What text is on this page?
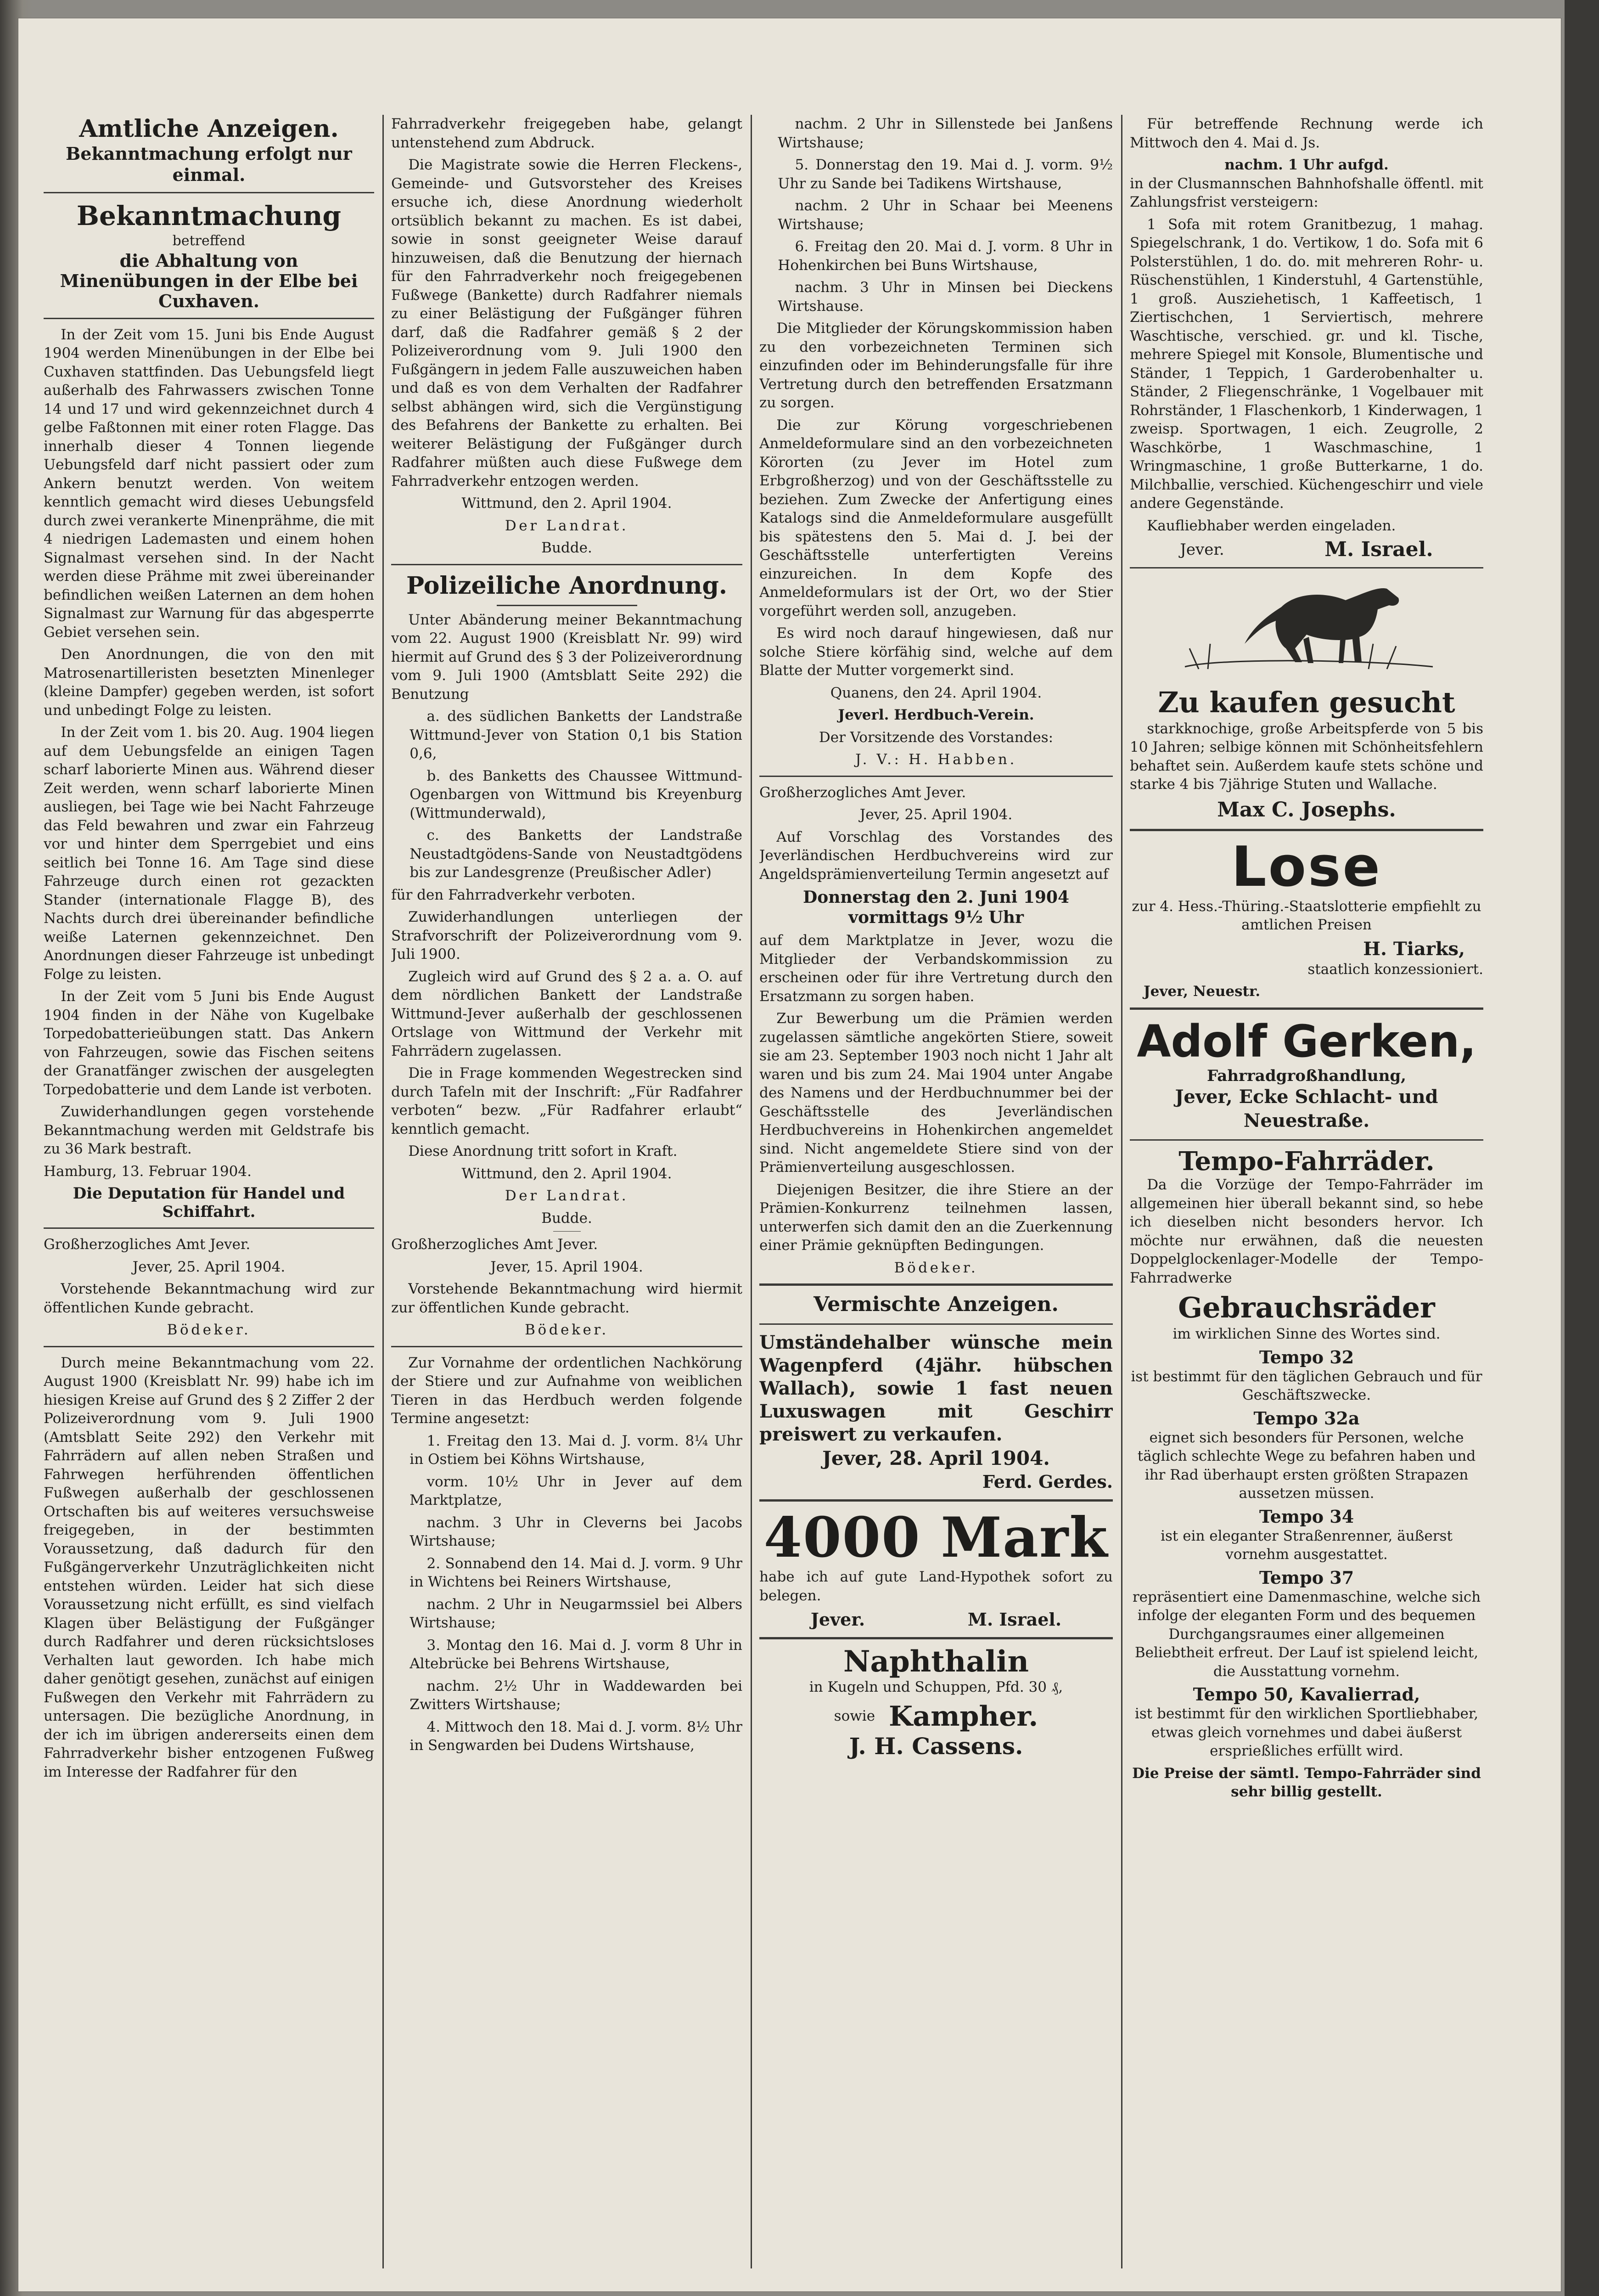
Amtliche Anzeigen.
Bekanntmachung erfolgt nur einmal.
Bekanntmachung
betreffend
die Abhaltung von Minenübungen in der Elbe bei Cuxhaven.

In der Zeit vom 15. Juni bis Ende August 1904 werden Minenübungen in der Elbe bei Cuxhaven stattfinden. Das Uebungsfeld liegt außerhalb des Fahrwassers zwischen Tonne 14 und 17 und wird gekennzeichnet durch 4 gelbe Faßtonnen mit einer roten Flagge. Das innerhalb dieser 4 Tonnen liegende Uebungsfeld darf nicht passiert oder zum Ankern benutzt werden. Von weitem kenntlich gemacht wird dieses Uebungsfeld durch zwei verankerte Minenprähme, die mit 4 niedrigen Lademasten und einem hohen Signalmast versehen sind. In der Nacht werden diese Prähme mit zwei übereinander befindlichen weißen Laternen an dem hohen Signalmast zur Warnung für das abgesperrte Gebiet versehen sein.

Den Anordnungen, die von den mit Matrosenartilleristen besetzten Minenleger (kleine Dampfer) gegeben werden, ist sofort und unbedingt Folge zu leisten.

In der Zeit vom 1. bis 20. Aug. 1904 liegen auf dem Uebungsfelde an einigen Tagen scharf laborierte Minen aus. Während dieser Zeit werden, wenn scharf laborierte Minen ausliegen, bei Tage wie bei Nacht Fahrzeuge das Feld bewahren und zwar ein Fahrzeug vor und hinter dem Sperrgebiet und eins seitlich bei Tonne 16. Am Tage sind diese Fahrzeuge durch einen rot gezackten Stander (internationale Flagge B), des Nachts durch drei übereinander befindliche weiße Laternen gekennzeichnet. Den Anordnungen dieser Fahrzeuge ist unbedingt Folge zu leisten.

In der Zeit vom 5 Juni bis Ende August 1904 finden in der Nähe von Kugelbake Torpedobatterieübungen statt. Das Ankern von Fahrzeugen, sowie das Fischen seitens der Granatfänger zwischen der ausgelegten Torpedobatterie und dem Lande ist verboten.

Zuwiderhandlungen gegen vorstehende Bekanntmachung werden mit Geldstrafe bis zu 36 Mark bestraft.

Hamburg, 13. Februar 1904.

Die Deputation für Handel und Schiffahrt.

Großherzogliches Amt Jever.

Jever, 25. April 1904.

Vorstehende Bekanntmachung wird zur öffentlichen Kunde gebracht.

Bödeker.

Durch meine Bekanntmachung vom 22. August 1900 (Kreisblatt Nr. 99) habe ich im hiesigen Kreise auf Grund des § 2 Ziffer 2 der Polizeiverordnung vom 9. Juli 1900 (Amtsblatt Seite 292) den Verkehr mit Fahrrädern auf allen neben Straßen und Fahrwegen herführenden öffentlichen Fußwegen außerhalb der geschlossenen Ortschaften bis auf weiteres versuchsweise freigegeben, in der bestimmten Voraussetzung, daß dadurch für den Fußgängerverkehr Unzuträglichkeiten nicht entstehen würden. Leider hat sich diese Voraussetzung nicht erfüllt, es sind vielfach Klagen über Belästigung der Fußgänger durch Radfahrer und deren rücksichtsloses Verhalten laut geworden. Ich habe mich daher genötigt gesehen, zunächst auf einigen Fußwegen den Verkehr mit Fahrrädern zu untersagen. Die bezügliche Anordnung, in der ich im übrigen andererseits einen dem Fahrradverkehr bisher entzogenen Fußweg im Interesse der Radfahrer für den

Fahrradverkehr freigegeben habe, gelangt untenstehend zum Abdruck.

Die Magistrate sowie die Herren Fleckens-, Gemeinde- und Gutsvorsteher des Kreises ersuche ich, diese Anordnung wiederholt ortsüblich bekannt zu machen. Es ist dabei, sowie in sonst geeigneter Weise darauf hinzuweisen, daß die Benutzung der hiernach für den Fahrradverkehr noch freigegebenen Fußwege (Bankette) durch Radfahrer niemals zu einer Belästigung der Fußgänger führen darf, daß die Radfahrer gemäß § 2 der Polizeiverordnung vom 9. Juli 1900 den Fußgängern in jedem Falle auszuweichen haben und daß es von dem Verhalten der Radfahrer selbst abhängen wird, sich die Vergünstigung des Befahrens der Bankette zu erhalten. Bei weiterer Belästigung der Fußgänger durch Radfahrer müßten auch diese Fußwege dem Fahrradverkehr entzogen werden.

Wittmund, den 2. April 1904.

Der Landrat.

Budde.

Polizeiliche Anordnung.

Unter Abänderung meiner Bekanntmachung vom 22. August 1900 (Kreisblatt Nr. 99) wird hiermit auf Grund des § 3 der Polizeiverordnung vom 9. Juli 1900 (Amtsblatt Seite 292) die Benutzung

a. des südlichen Banketts der Landstraße Wittmund-Jever von Station 0,1 bis Station 0,6,

b. des Banketts des Chaussee Wittmund-Ogenbargen von Wittmund bis Kreyenburg (Wittmunderwald),

c. des Banketts der Landstraße Neustadtgödens-Sande von Neustadtgödens bis zur Landesgrenze (Preußischer Adler)

für den Fahrradverkehr verboten.

Zuwiderhandlungen unterliegen der Strafvorschrift der Polizeiverordnung vom 9. Juli 1900.

Zugleich wird auf Grund des § 2 a. a. O. auf dem nördlichen Bankett der Landstraße Wittmund-Jever außerhalb der geschlossenen Ortslage von Wittmund der Verkehr mit Fahrrädern zugelassen.

Die in Frage kommenden Wegestrecken sind durch Tafeln mit der Inschrift: „Für Radfahrer verboten“ bezw. „Für Radfahrer erlaubt“ kenntlich gemacht.

Diese Anordnung tritt sofort in Kraft.

Wittmund, den 2. April 1904.

Der Landrat.

Budde.

Großherzogliches Amt Jever.

Jever, 15. April 1904.

Vorstehende Bekanntmachung wird hiermit zur öffentlichen Kunde gebracht.

Bödeker.

Zur Vornahme der ordentlichen Nachkörung der Stiere und zur Aufnahme von weiblichen Tieren in das Herdbuch werden folgende Termine angesetzt:

1. Freitag den 13. Mai d. J. vorm. 8¼ Uhr in Ostiem bei Köhns Wirtshause,

vorm. 10½ Uhr in Jever auf dem Marktplatze,

nachm. 3 Uhr in Cleverns bei Jacobs Wirtshause;

2. Sonnabend den 14. Mai d. J. vorm. 9 Uhr in Wichtens bei Reiners Wirtshause,

nachm. 2 Uhr in Neugarmssiel bei Albers Wirtshause;

3. Montag den 16. Mai d. J. vorm 8 Uhr in Altebrücke bei Behrens Wirtshause,

nachm. 2½ Uhr in Waddewarden bei Zwitters Wirtshause;

4. Mittwoch den 18. Mai d. J. vorm. 8½ Uhr in Sengwarden bei Dudens Wirtshause,

nachm. 2 Uhr in Sillenstede bei Janßens Wirtshause;

5. Donnerstag den 19. Mai d. J. vorm. 9½ Uhr zu Sande bei Tadikens Wirtshause,

nachm. 2 Uhr in Schaar bei Meenens Wirtshause;

6. Freitag den 20. Mai d. J. vorm. 8 Uhr in Hohenkirchen bei Buns Wirtshause,

nachm. 3 Uhr in Minsen bei Dieckens Wirtshause.

Die Mitglieder der Körungskommission haben zu den vorbezeichneten Terminen sich einzufinden oder im Behinderungsfalle für ihre Vertretung durch den betreffenden Ersatzmann zu sorgen.

Die zur Körung vorgeschriebenen Anmeldeformulare sind an den vorbezeichneten Körorten (zu Jever im Hotel zum Erbgroßherzog) und von der Geschäftsstelle zu beziehen. Zum Zwecke der Anfertigung eines Katalogs sind die Anmeldeformulare ausgefüllt bis spätestens den 5. Mai d. J. bei der Geschäftsstelle unterfertigten Vereins einzureichen. In dem Kopfe des Anmeldeformulars ist der Ort, wo der Stier vorgeführt werden soll, anzugeben.

Es wird noch darauf hingewiesen, daß nur solche Stiere körfähig sind, welche auf dem Blatte der Mutter vorgemerkt sind.

Quanens, den 24. April 1904.

Jeverl. Herdbuch-Verein.

Der Vorsitzende des Vorstandes:

J. V.: H. Habben.

Großherzogliches Amt Jever.

Jever, 25. April 1904.

Auf Vorschlag des Vorstandes des Jeverländischen Herdbuchvereins wird zur Angeldsprämienverteilung Termin angesetzt auf

Donnerstag den 2. Juni 1904
vormittags 9½ Uhr

auf dem Marktplatze in Jever, wozu die Mitglieder der Verbandskommission zu erscheinen oder für ihre Vertretung durch den Ersatzmann zu sorgen haben.

Zur Bewerbung um die Prämien werden zugelassen sämtliche angekörten Stiere, soweit sie am 23. September 1903 noch nicht 1 Jahr alt waren und bis zum 24. Mai 1904 unter Angabe des Namens und der Herdbuchnummer bei der Geschäftsstelle des Jeverländischen Herdbuchvereins in Hohenkirchen angemeldet sind. Nicht angemeldete Stiere sind von der Prämienverteilung ausgeschlossen.

Diejenigen Besitzer, die ihre Stiere an der Prämien-Konkurrenz teilnehmen lassen, unterwerfen sich damit den an die Zuerkennung einer Prämie geknüpften Bedingungen.

Bödeker.

Vermischte Anzeigen.
Umständehalber wünsche mein Wagenpferd (4jähr. hübschen Wallach), sowie 1 fast neuen Luxuswagen mit Geschirr preiswert zu verkaufen.
Jever, 28. April 1904.
Ferd. Gerdes.
4000 Mark

habe ich auf gute Land-Hypothek sofort zu belegen.

Jever.	M. Israel.
Naphthalin

in Kugeln und Schuppen, Pfd. 30 ₰,

sowie Kampher.
J. H. Cassens.

Für betreffende Rechnung werde ich Mittwoch den 4. Mai d. Js.

nachm. 1 Uhr aufgd.

in der Clusmannschen Bahnhofshalle öffentl. mit Zahlungsfrist versteigern:

1 Sofa mit rotem Granitbezug, 1 mahag. Spiegelschrank, 1 do. Vertikow, 1 do. Sofa mit 6 Polsterstühlen, 1 do. do. mit mehreren Rohr- u. Rüschenstühlen, 1 Kinderstuhl, 4 Gartenstühle, 1 groß. Ausziehetisch, 1 Kaffeetisch, 1 Ziertischchen, 1 Serviertisch, mehrere Waschtische, verschied. gr. und kl. Tische, mehrere Spiegel mit Konsole, Blumentische und Ständer, 1 Teppich, 1 Garderobenhalter u. Ständer, 2 Fliegenschränke, 1 Vogelbauer mit Rohrständer, 1 Flaschenkorb, 1 Kinderwagen, 1 zweisp. Sportwagen, 1 eich. Zeugrolle, 2 Waschkörbe, 1 Waschmaschine, 1 Wringmaschine, 1 große Butterkarne, 1 do. Milchballie, verschied. Küchengeschirr und viele andere Gegenstände.

Kaufliebhaber werden eingeladen.

Jever.	M. Israel.
Zu kaufen gesucht

starkknochige, große Arbeitspferde von 5 bis 10 Jahren; selbige können mit Schönheitsfehlern behaftet sein. Außerdem kaufe stets schöne und starke 4 bis 7jährige Stuten und Wallache.

Max C. Josephs.
Lose

zur 4. Hess.-Thüring.-Staatslotterie empfiehlt zu amtlichen Preisen

H. Tiarks,

staatlich konzessioniert.

Jever, Neuestr.

Adolf Gerken,
Fahrradgroßhandlung,
Jever, Ecke Schlacht- und Neuestraße.
Tempo-Fahrräder.

Da die Vorzüge der Tempo-Fahrräder im allgemeinen hier überall bekannt sind, so hebe ich dieselben nicht besonders hervor. Ich möchte nur erwähnen, daß die neuesten Doppelglockenlager-Modelle der Tempo-Fahrradwerke

Gebrauchsräder

im wirklichen Sinne des Wortes sind.

Tempo 32

ist bestimmt für den täglichen Gebrauch und für Geschäftszwecke.

Tempo 32a

eignet sich besonders für Personen, welche täglich schlechte Wege zu befahren haben und ihr Rad überhaupt ersten größten Strapazen aussetzen müssen.

Tempo 34

ist ein eleganter Straßenrenner, äußerst vornehm ausgestattet.

Tempo 37

repräsentiert eine Damenmaschine, welche sich infolge der eleganten Form und des bequemen Durchgangsraumes einer allgemeinen Beliebtheit erfreut. Der Lauf ist spielend leicht, die Ausstattung vornehm.

Tempo 50, Kavalierrad,

ist bestimmt für den wirklichen Sportliebhaber, etwas gleich vornehmes und dabei äußerst ersprießliches erfüllt wird.

Die Preise der sämtl. Tempo-Fahrräder sind sehr billig gestellt.
